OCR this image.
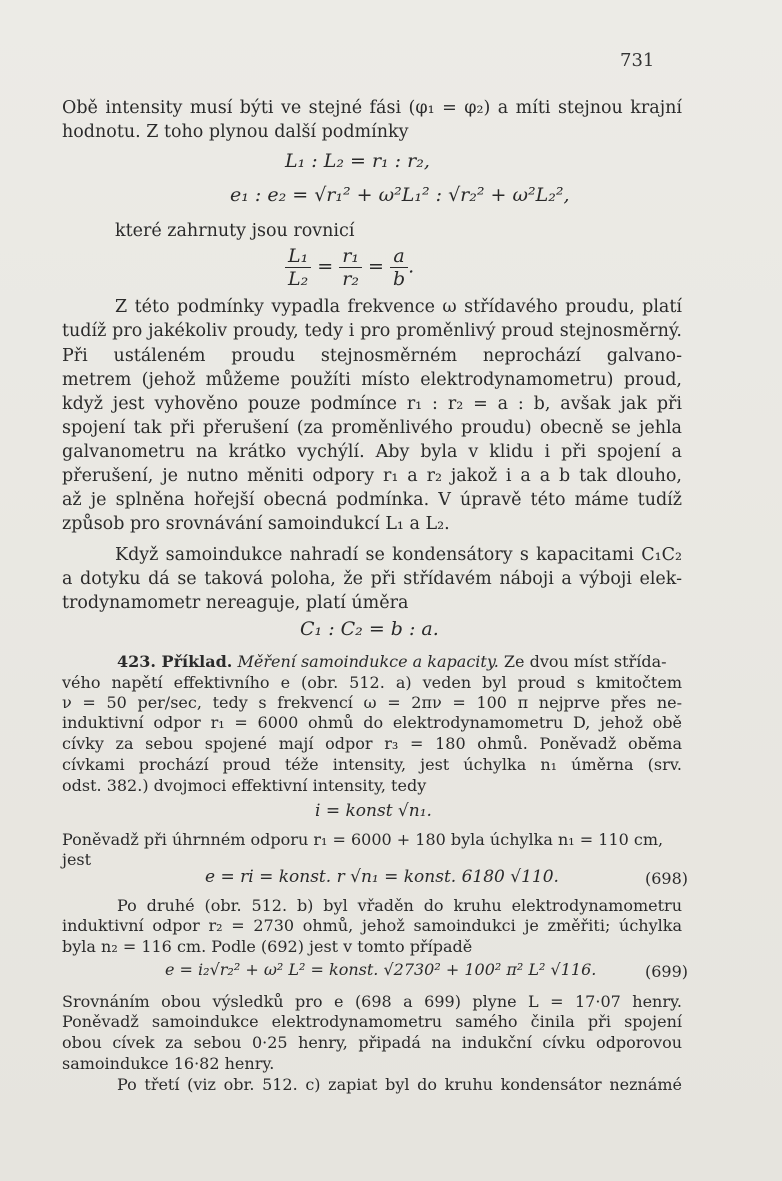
731
Obě intensity musí býti ve stejné fási (φ₁ = φ₂) a míti stejnou krajní
hodnotu. Z toho plynou další podmínky
L₁ : L₂ = r₁ : r₂,
e₁ : e₂ = √r₁² + ω²L₁² : √r₂² + ω²L₂²,
které zahrnuty jsou rovnicí
$\frac{\text{L₁}}{\text{L₂}} = \frac{\text{r₁}}{\text{r₂}} = \frac{a}{b}$ .
Z této podmínky vypadla frekvence ω střídavého proudu, platí
tudíž pro jakékoliv proudy, tedy i pro proměnlivý proud stejnosměrný.
Při ustáleném proudu stejnosměrném neprochází galvano-
metrem (jehož můžeme použíti místo elektrodynamometru) proud,
když jest vyhověno pouze podmínce r₁ : r₂ = a : b, avšak jak při
spojení tak při přerušení (za proměnlivého proudu) obecně se jehla
galvanometru na krátko vychýlí. Aby byla v klidu i při spojení a
přerušení, je nutno měniti odpory r₁ a r₂ jakož i a a b tak dlouho,
až je splněna hořejší obecná podmínka. V úpravě této máme tudíž
způsob pro srovnávání samoindukcí L₁ a L₂.
Když samoindukce nahradí se kondensátory s kapacitami C₁C₂
a dotyku dá se taková poloha, že při střídavém náboji a výboji elek-
trodynamometr nereaguje, platí úměra
C₁ : C₂ = b : a.
423. Příklad. Měření samoindukce a kapacity. Ze dvou míst střída-
vého napětí effektivního e (obr. 512. a) veden byl proud s kmitočtem
ν = 50 per/sec, tedy s frekvencí ω = 2πν = 100 π nejprve přes ne-
induktivní odpor r₁ = 6000 ohmů do elektrodynamometru D, jehož obě
cívky za sebou spojené mají odpor r₃ = 180 ohmů. Poněvadž oběma
cívkami prochází proud téže intensity, jest úchylka n₁ úměrna (srv.
odst. 382.) dvojmoci effektivní intensity, tedy
i = konst √n₁.
Poněvadž při úhrnném odporu r₁ = 6000 + 180 byla úchylka n₁ = 110 cm,
jest
e = ri = konst. r √n₁ = konst. 6180 √110.	(698)
Po druhé (obr. 512. b) byl vřaděn do kruhu elektrodynamometru
induktivní odpor r₂ = 2730 ohmů, jehož samoindukci je změřiti; úchylka
byla n₂ = 116 cm. Podle (692) jest v tomto případě
e = i₂√r₂² + ω² L² = konst. √2730² + 100² π² L² √116.	(699)
Srovnáním obou výsledků pro e (698 a 699) plyne L = 17·07 henry.
Poněvadž samoindukce elektrodynamometru samého činila při spojení
obou cívek za sebou 0·25 henry, připadá na indukční cívku odporovou
samoindukce 16·82 henry.
Po třetí (viz obr. 512. c) zapiat byl do kruhu kondensátor neznámé
